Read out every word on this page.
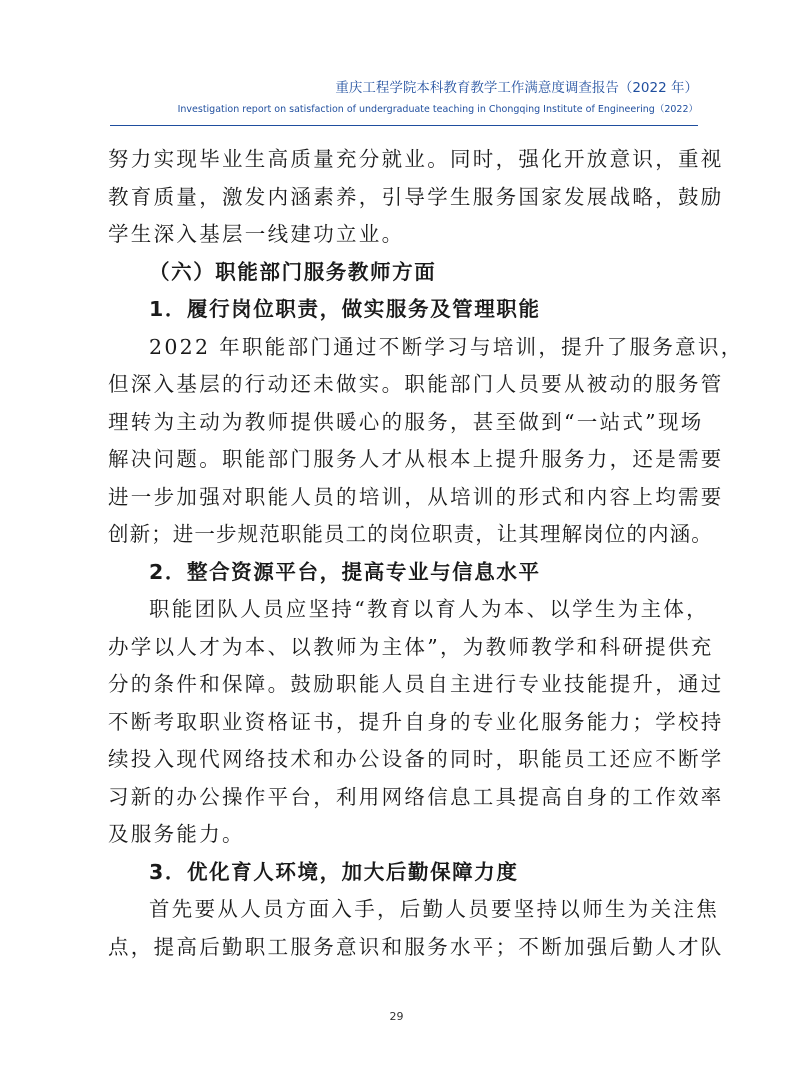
重庆工程学院本科教育教学工作满意度调查报告（2022 年）
Investigation report on satisfaction of undergraduate teaching in Chongqing Institute of Engineering（2022）
努力实现毕业生高质量充分就业。同时，强化开放意识，重视
教育质量，激发内涵素养，引导学生服务国家发展战略，鼓励
学生深入基层一线建功立业。
（六）职能部门服务教师方面
1．履行岗位职责，做实服务及管理职能
2022 年职能部门通过不断学习与培训，提升了服务意识，
但深入基层的行动还未做实。职能部门人员要从被动的服务管
理转为主动为教师提供暖心的服务，甚至做到“一站式”现场
解决问题。职能部门服务人才从根本上提升服务力，还是需要
进一步加强对职能人员的培训，从培训的形式和内容上均需要
创新；进一步规范职能员工的岗位职责，让其理解岗位的内涵。
2．整合资源平台，提高专业与信息水平
职能团队人员应坚持“教育以育人为本、以学生为主体，
办学以人才为本、以教师为主体”，为教师教学和科研提供充
分的条件和保障。鼓励职能人员自主进行专业技能提升，通过
不断考取职业资格证书，提升自身的专业化服务能力；学校持
续投入现代网络技术和办公设备的同时，职能员工还应不断学
习新的办公操作平台，利用网络信息工具提高自身的工作效率
及服务能力。
3．优化育人环境，加大后勤保障力度
首先要从人员方面入手，后勤人员要坚持以师生为关注焦
点，提高后勤职工服务意识和服务水平；不断加强后勤人才队
29
